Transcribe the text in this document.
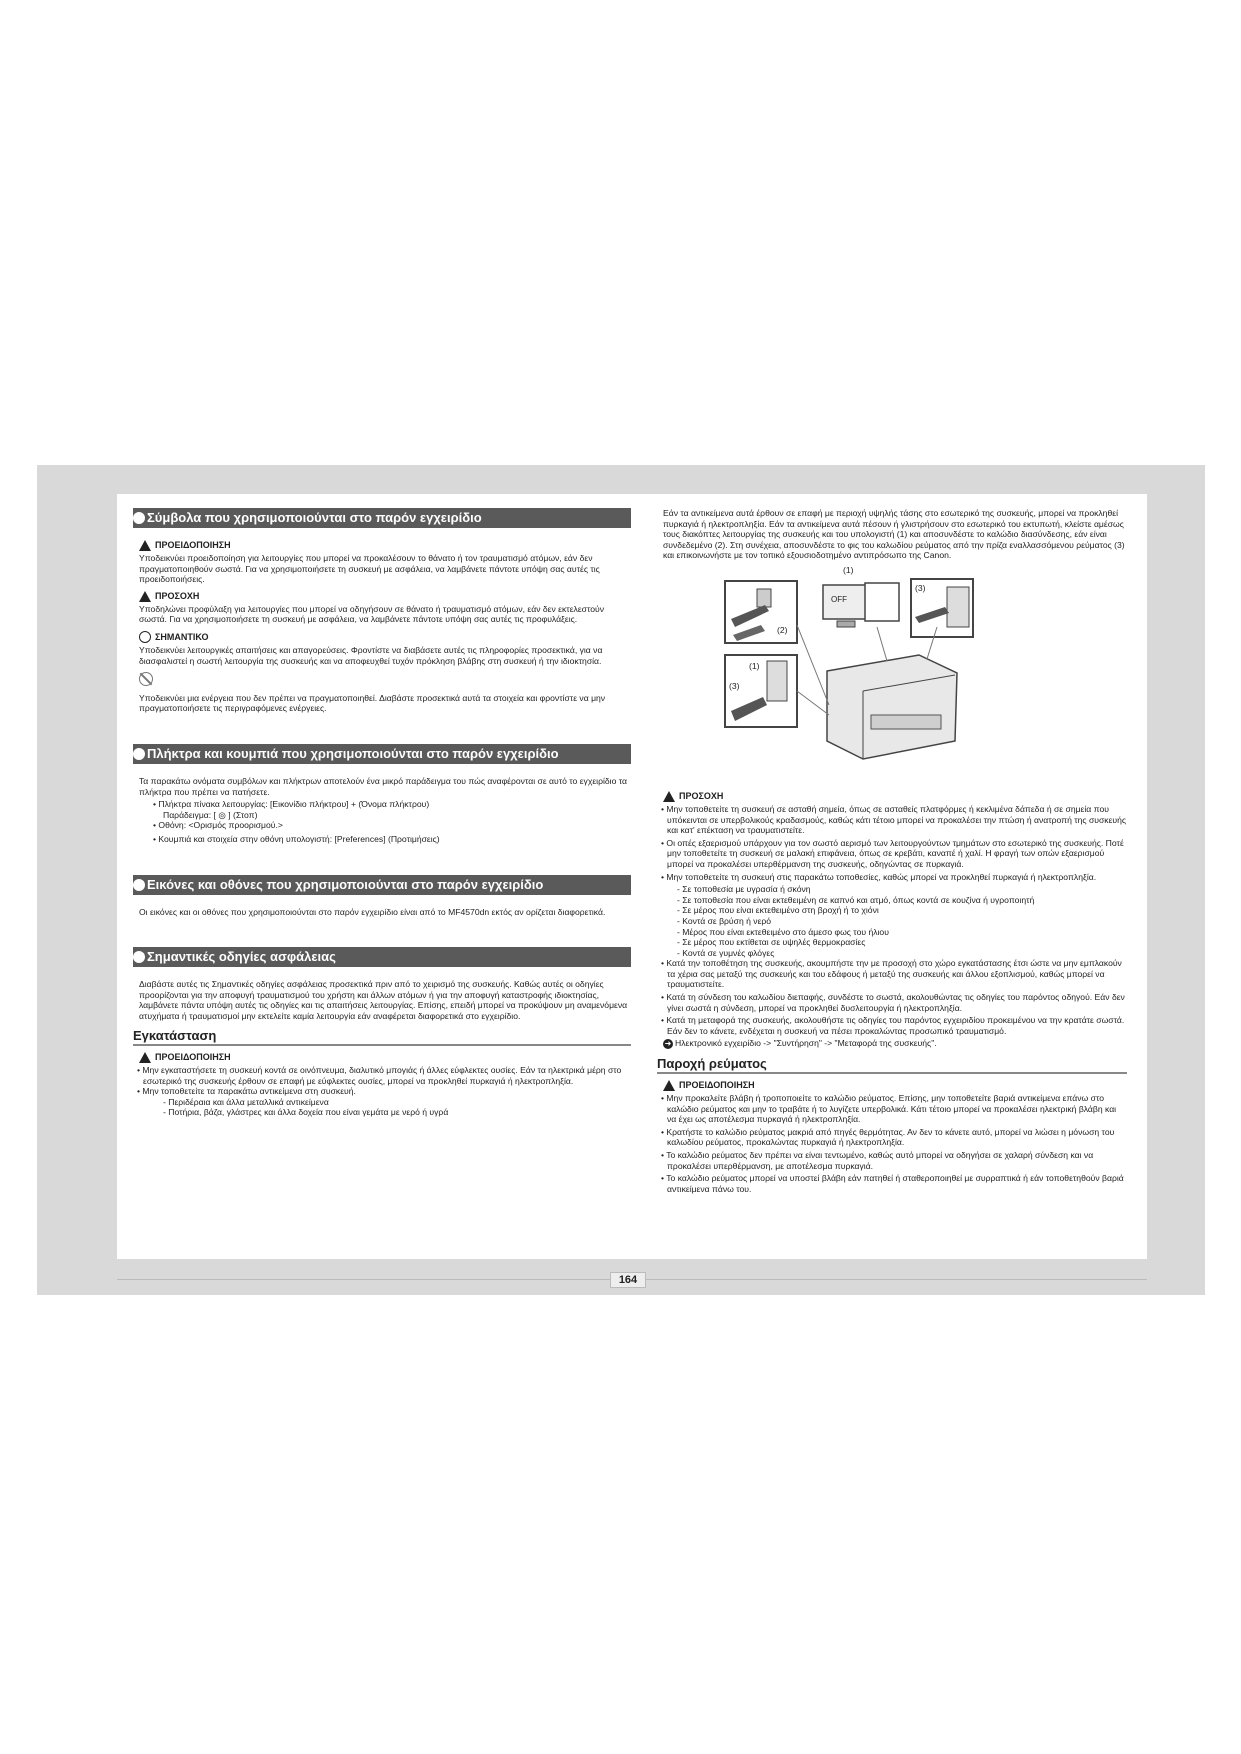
Σύμβολα που χρησιμοποιούνται στο παρόν εγχειρίδιο
ΠΡΟΕΙΔΟΠΟΙΗΣΗ
Υποδεικνύει προειδοποίηση για λειτουργίες που μπορεί να προκαλέσουν το θάνατο ή τον τραυματισμό ατόμων, εάν δεν πραγματοποιηθούν σωστά. Για να χρησιμοποιήσετε τη συσκευή με ασφάλεια, να λαμβάνετε πάντοτε υπόψη σας αυτές τις προειδοποιήσεις.
ΠΡΟΣΟΧΗ
Υποδηλώνει προφύλαξη για λειτουργίες που μπορεί να οδηγήσουν σε θάνατο ή τραυματισμό ατόμων, εάν δεν εκτελεστούν σωστά. Για να χρησιμοποιήσετε τη συσκευή με ασφάλεια, να λαμβάνετε πάντοτε υπόψη σας αυτές τις προφυλάξεις.
ΣΗΜΑΝΤΙΚΟ
Υποδεικνύει λειτουργικές απαιτήσεις και απαγορεύσεις. Φροντίστε να διαβάσετε αυτές τις πληροφορίες προσεκτικά, για να διασφαλιστεί η σωστή λειτουργία της συσκευής και να αποφευχθεί τυχόν πρόκληση βλάβης στη συσκευή ή την ιδιοκτησία.
Υποδεικνύει μια ενέργεια που δεν πρέπει να πραγματοποιηθεί. Διαβάστε προσεκτικά αυτά τα στοιχεία και φροντίστε να μην πραγματοποιήσετε τις περιγραφόμενες ενέργειες.
Πλήκτρα και κουμπιά που χρησιμοποιούνται στο παρόν εγχειρίδιο
Τα παρακάτω ονόματα συμβόλων και πλήκτρων αποτελούν ένα μικρό παράδειγμα του πώς αναφέρονται σε αυτό το εγχειρίδιο τα πλήκτρα που πρέπει να πατήσετε.
• Πλήκτρα πίνακα λειτουργίας: [Εικονίδιο πλήκτρου] + (Όνομα πλήκτρου)
Παράδειγμα: [ ◎ ] (Στοπ)
• Οθόνη: <Ορισμός προορισμού.>
• Κουμπιά και στοιχεία στην οθόνη υπολογιστή: [Preferences] (Προτιμήσεις)
Εικόνες και οθόνες που χρησιμοποιούνται στο παρόν εγχειρίδιο
Οι εικόνες και οι οθόνες που χρησιμοποιούνται στο παρόν εγχειρίδιο είναι από το MF4570dn εκτός αν ορίζεται διαφορετικά.
Σημαντικές οδηγίες ασφάλειας
Διαβάστε αυτές τις Σημαντικές οδηγίες ασφάλειας προσεκτικά πριν από το χειρισμό της συσκευής. Καθώς αυτές οι οδηγίες προορίζονται για την αποφυγή τραυματισμού του χρήστη και άλλων ατόμων ή για την αποφυγή καταστροφής ιδιοκτησίας, λαμβάνετε πάντα υπόψη αυτές τις οδηγίες και τις απαιτήσεις λειτουργίας. Επίσης, επειδή μπορεί να προκύψουν μη αναμενόμενα ατυχήματα ή τραυματισμοί μην εκτελείτε καμία λειτουργία εάν αναφέρεται διαφορετικά στο εγχειρίδιο.
Εγκατάσταση
ΠΡΟΕΙΔΟΠΟΙΗΣΗ
• Μην εγκαταστήσετε τη συσκευή κοντά σε οινόπνευμα, διαλυτικό μπογιάς ή άλλες εύφλεκτες ουσίες. Εάν τα ηλεκτρικά μέρη στο εσωτερικό της συσκευής έρθουν σε επαφή με εύφλεκτες ουσίες, μπορεί να προκληθεί πυρκαγιά ή ηλεκτροπληξία.
• Μην τοποθετείτε τα παρακάτω αντικείμενα στη συσκευή.
- Περιδέραια και άλλα μεταλλικά αντικείμενα
- Ποτήρια, βάζα, γλάστρες και άλλα δοχεία που είναι γεμάτα με νερό ή υγρά
Εάν τα αντικείμενα αυτά έρθουν σε επαφή με περιοχή υψηλής τάσης στο εσωτερικό της συσκευής, μπορεί να προκληθεί πυρκαγιά ή ηλεκτροπληξία. Εάν τα αντικείμενα αυτά πέσουν ή γλιστρήσουν στο εσωτερικό του εκτυπωτή, κλείστε αμέσως τους διακόπτες λειτουργίας της συσκευής και του υπολογιστή (1) και αποσυνδέστε το καλώδιο διασύνδεσης, εάν είναι συνδεδεμένο (2). Στη συνέχεια, αποσυνδέστε το φις του καλωδίου ρεύματος από την πρίζα εναλλασσόμενου ρεύματος (3) και επικοινωνήστε με τον τοπικό εξουσιοδοτημένο αντιπρόσωπο της Canon.
(1)
(2)
(3)
OFF
(1)
(3)
ΠΡΟΣΟΧΗ
• Μην τοποθετείτε τη συσκευή σε ασταθή σημεία, όπως σε ασταθείς πλατφόρμες ή κεκλιμένα δάπεδα ή σε σημεία που υπόκεινται σε υπερβολικούς κραδασμούς, καθώς κάτι τέτοιο μπορεί να προκαλέσει την πτώση ή ανατροπή της συσκευής και κατ' επέκταση να τραυματιστείτε.
• Οι οπές εξαερισμού υπάρχουν για τον σωστό αερισμό των λειτουργούντων τμημάτων στο εσωτερικό της συσκευής. Ποτέ μην τοποθετείτε τη συσκευή σε μαλακή επιφάνεια, όπως σε κρεβάτι, καναπέ ή χαλί. Η φραγή των οπών εξαερισμού μπορεί να προκαλέσει υπερθέρμανση της συσκευής, οδηγώντας σε πυρκαγιά.
• Μην τοποθετείτε τη συσκευή στις παρακάτω τοποθεσίες, καθώς μπορεί να προκληθεί πυρκαγιά ή ηλεκτροπληξία.
- Σε τοποθεσία με υγρασία ή σκόνη
- Σε τοποθεσία που είναι εκτεθειμένη σε καπνό και ατμό, όπως κοντά σε κουζίνα ή υγροποιητή
- Σε μέρος που είναι εκτεθειμένο στη βροχή ή το χιόνι
- Κοντά σε βρύση ή νερό
- Μέρος που είναι εκτεθειμένο στο άμεσο φως του ήλιου
- Σε μέρος που εκτίθεται σε υψηλές θερμοκρασίες
- Κοντά σε γυμνές φλόγες
• Κατά την τοποθέτηση της συσκευής, ακουμπήστε την με προσοχή στο χώρο εγκατάστασης έτσι ώστε να μην εμπλακούν τα χέρια σας μεταξύ της συσκευής και του εδάφους ή μεταξύ της συσκευής και άλλου εξοπλισμού, καθώς μπορεί να τραυματιστείτε.
• Κατά τη σύνδεση του καλωδίου διεπαφής, συνδέστε το σωστά, ακολουθώντας τις οδηγίες του παρόντος οδηγού. Εάν δεν γίνει σωστά η σύνδεση, μπορεί να προκληθεί δυσλειτουργία ή ηλεκτροπληξία.
• Κατά τη μεταφορά της συσκευής, ακολουθήστε τις οδηγίες του παρόντος εγχειριδίου προκειμένου να την κρατάτε σωστά. Εάν δεν το κάνετε, ενδέχεται η συσκευή να πέσει προκαλώντας προσωπικό τραυματισμό.
➜ Ηλεκτρονικό εγχειρίδιο -> "Συντήρηση" -> "Μεταφορά της συσκευής".
Παροχή ρεύματος
ΠΡΟΕΙΔΟΠΟΙΗΣΗ
• Μην προκαλείτε βλάβη ή τροποποιείτε το καλώδιο ρεύματος. Επίσης, μην τοποθετείτε βαριά αντικείμενα επάνω στο καλώδιο ρεύματος και μην το τραβάτε ή το λυγίζετε υπερβολικά. Κάτι τέτοιο μπορεί να προκαλέσει ηλεκτρική βλάβη και να έχει ως αποτέλεσμα πυρκαγιά ή ηλεκτροπληξία.
• Κρατήστε το καλώδιο ρεύματος μακριά από πηγές θερμότητας. Αν δεν το κάνετε αυτό, μπορεί να λιώσει η μόνωση του καλωδίου ρεύματος, προκαλώντας πυρκαγιά ή ηλεκτροπληξία.
• Το καλώδιο ρεύματος δεν πρέπει να είναι τεντωμένο, καθώς αυτό μπορεί να οδηγήσει σε χαλαρή σύνδεση και να προκαλέσει υπερθέρμανση, με αποτέλεσμα πυρκαγιά.
• Το καλώδιο ρεύματος μπορεί να υποστεί βλάβη εάν πατηθεί ή σταθεροποιηθεί με συρραπτικά ή εάν τοποθετηθούν βαριά αντικείμενα πάνω του.
164
